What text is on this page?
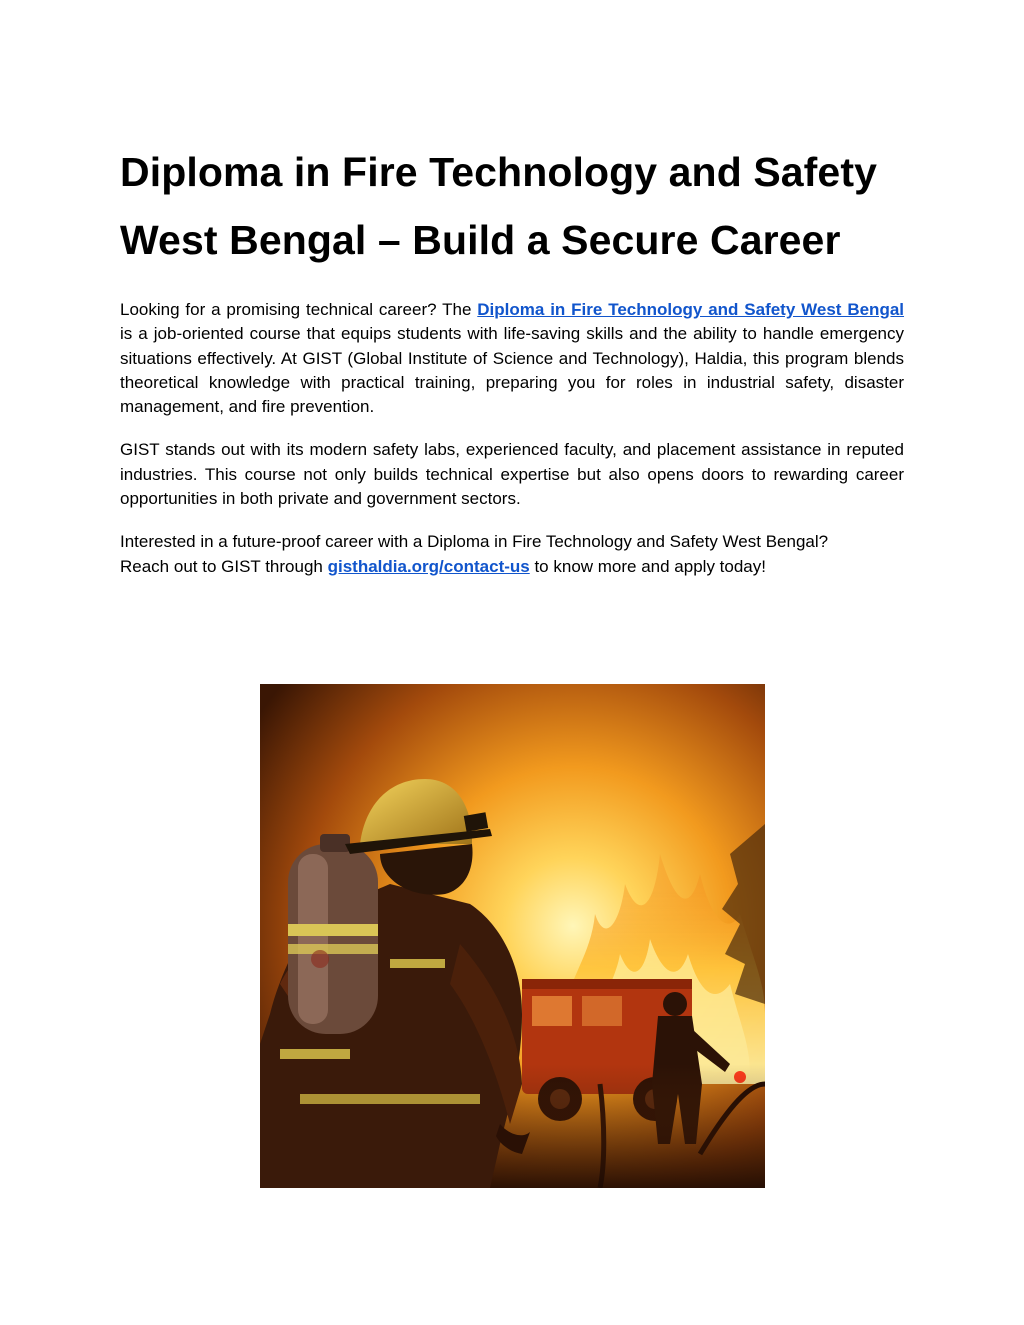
Diploma in Fire Technology and Safety West Bengal – Build a Secure Career

Looking for a promising technical career? The Diploma in Fire Technology and Safety West Bengal is a job-oriented course that equips students with life-saving skills and the ability to handle emergency situations effectively. At GIST (Global Institute of Science and Technology), Haldia, this program blends theoretical knowledge with practical training, preparing you for roles in industrial safety, disaster management, and fire prevention.

GIST stands out with its modern safety labs, experienced faculty, and placement assistance in reputed industries. This course not only builds technical expertise but also opens doors to rewarding career opportunities in both private and government sectors.

Interested in a future-proof career with a Diploma in Fire Technology and Safety West Bengal?
Reach out to GIST through gisthaldia.org/contact-us to know more and apply today!
